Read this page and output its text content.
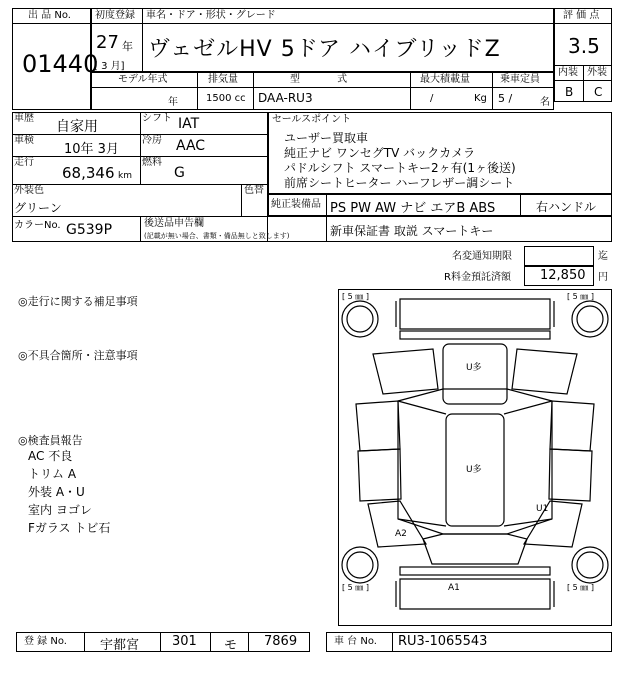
出 品 No.
01440
初度登録 車名・ドア・形状・グレード
27 年
[ 3 月]
ヴェゼルHV 5ドア ハイブリッドZ
評 価 点
3.5
内装 外装
B C
モデル年式	排気量	型 式	最大積載量	乗車定員
年	1500 cc DAA-RU3	/	Kg 5 /	名
車歴
自家用
車検
10年 3月
走行
68,346 km
シフト IAT
冷房 AAC
燃料
G
外装色
グリーン
色替
カラーNo. G539P
セールスポイント
ユーザー買取車
純正ナビ ワンセグTV バックカメラ
パドルシフト スマートキー2ヶ有(1ヶ後送)
前席シートヒーター ハーフレザー調シート
純正装備品 PS PW AW ナビ エアB ABS	右ハンドル
後送品申告欄
(記載が無い場合、書類・備品無しと致します)	新車保証書 取説 スマートキー
名変通知期限	迄
R料金預託済額 12,850 円
◎走行に関する補足事項
◎不具合箇所・注意事項
◎検査員報告
AC 不良
トリム A
外装 A・U
室内 ヨゴレ
Fガラス トビ石
[ 5 ㎜ ]	[ 5 ㎜ ]
[ 5 ㎜ ]	[ 5 ㎜ ]
U多
U多
A2
U1
A1
登 録 No.	宇都宮	301 モ 7869	車 台 No. RU3-1065543
